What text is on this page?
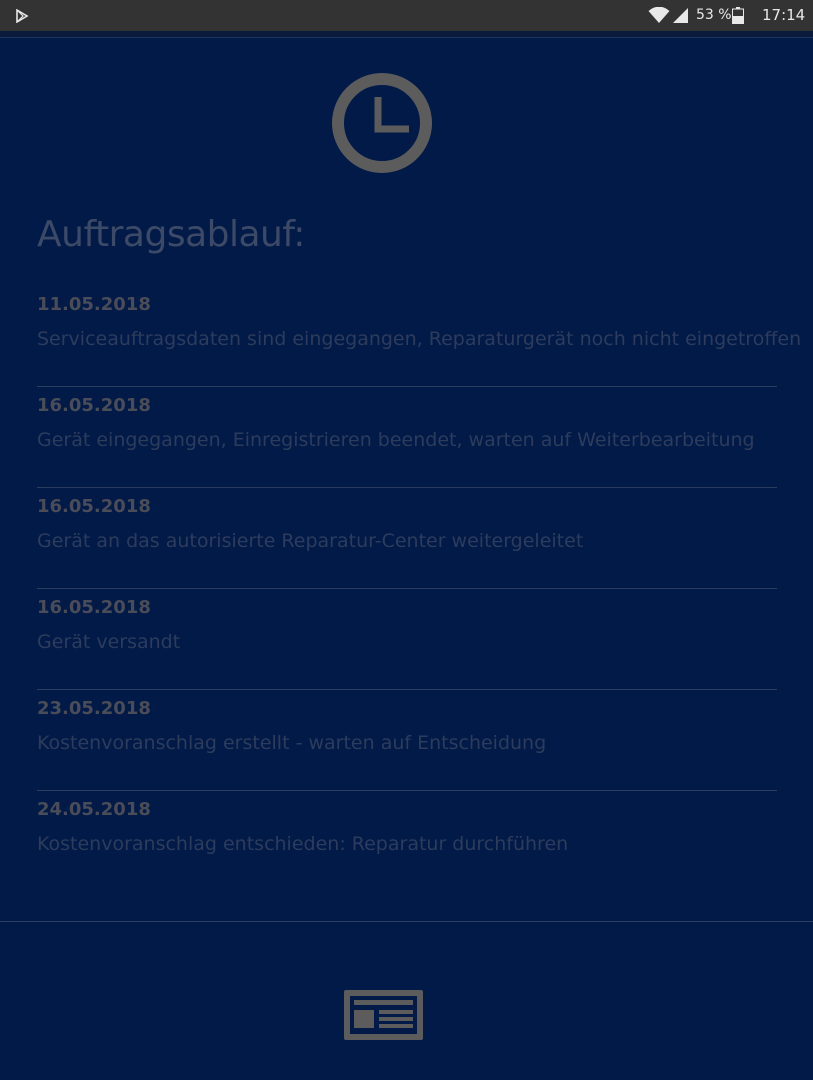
53 % 17:14
Auftragsablauf:
11.05.2018
Serviceauftragsdaten sind eingegangen, Reparaturgerät noch nicht eingetroffen
16.05.2018
Gerät eingegangen, Einregistrieren beendet, warten auf Weiterbearbeitung
16.05.2018
Gerät an das autorisierte Reparatur-Center weitergeleitet
16.05.2018
Gerät versandt
23.05.2018
Kostenvoranschlag erstellt - warten auf Entscheidung
24.05.2018
Kostenvoranschlag entschieden: Reparatur durchführen
